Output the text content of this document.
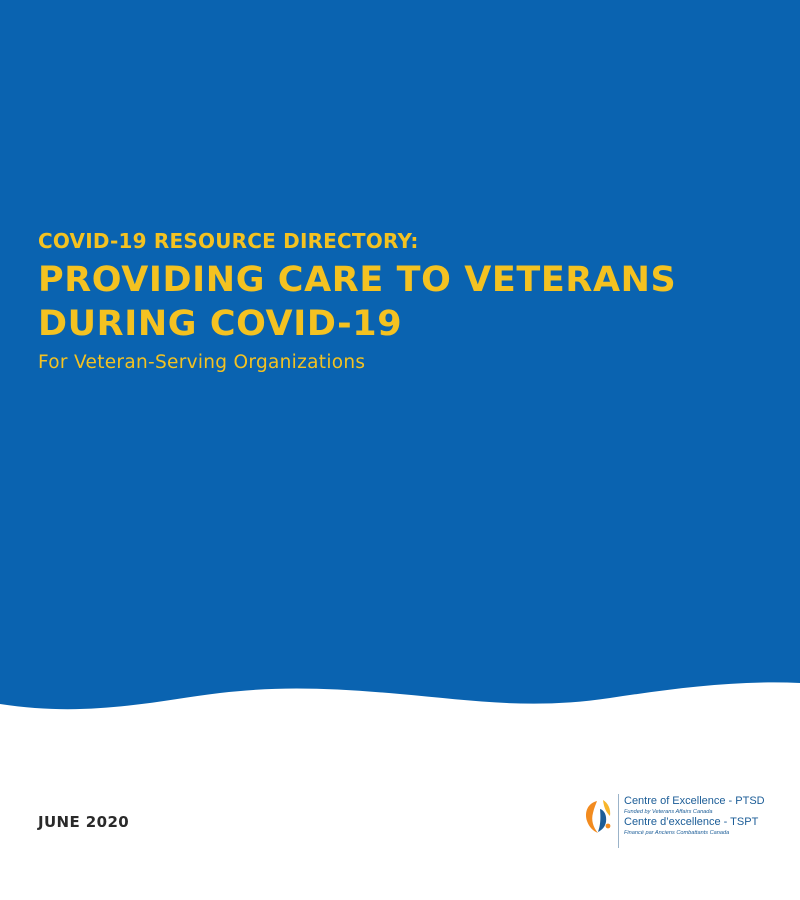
COVID-19 RESOURCE DIRECTORY:

PROVIDING CARE TO VETERANS
DURING COVID-19

For Veteran-Serving Organizations

JUNE 2020

Centre of Excellence - PTSD
Funded by Veterans Affairs Canada
Centre d’excellence - TSPT
Financé par Anciens Combattants Canada
